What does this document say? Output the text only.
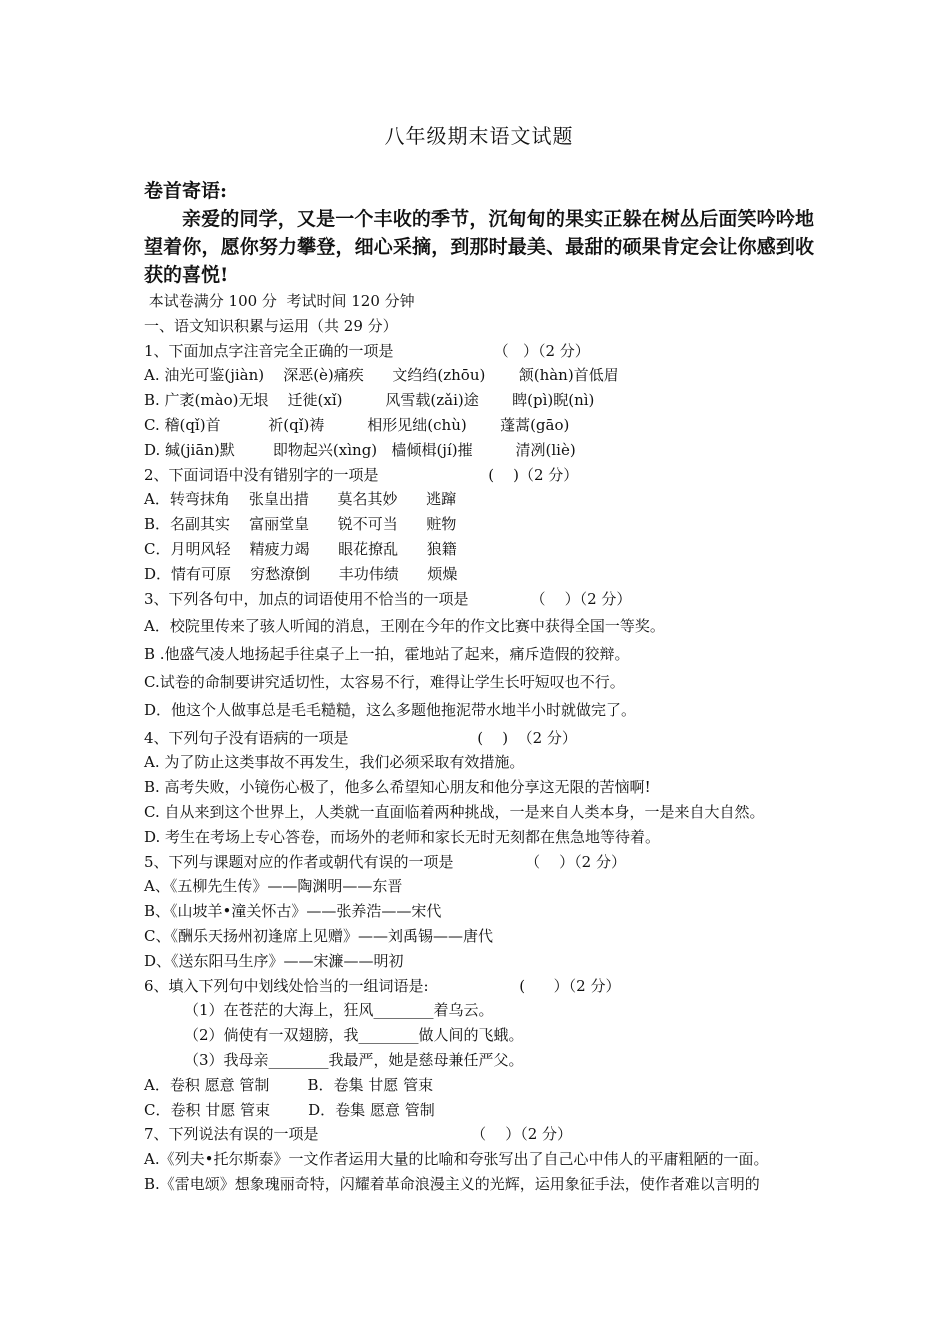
八年级期末语文试题
卷首寄语:
亲爱的同学，又是一个丰收的季节，沉甸甸的果实正躲在树丛后面笑吟吟地望着你，愿你努力攀登，细心采摘，到那时最美、最甜的硕果肯定会让你感到收获的喜悦!
本试卷满分 100 分  考试时间 120 分钟
一、语文知识积累与运用（共 29 分）
1、下面加点字注音完全正确的一项是                     （   ）（2 分）
A. 油光可鉴(jiàn)    深恶(è)痛疾      文绉绉(zhōu)       颔(hàn)首低眉
B. 广袤(mào)无垠    迁徙(xǐ)         风雪载(zǎi)途       睥(pì)睨(nì)
C. 稽(qǐ)首          祈(qǐ)祷         相形见绌(chù)       蓬蒿(gāo)
D. 缄(jiān)默        即物起兴(xìng)   樯倾楫(jí)摧         清冽(liè)
2、下面词语中没有错别字的一项是                       (    )（2 分）
A．转弯抹角    张皇出措      莫名其妙      逃蹿
B．名副其实    富丽堂皇      锐不可当      赃物
C．月明风轻    精疲力竭      眼花撩乱      狼籍
D．情有可原    穷愁潦倒      丰功伟绩      烦燥
3、下列各句中，加点的词语使用不恰当的一项是             （    ）（2 分）
A．校院里传来了骇人听闻的消息，王刚在今年的作文比赛中获得全国一等奖。
B .他盛气凌人地扬起手往桌子上一拍，霍地站了起来，痛斥造假的狡辩。
C.试卷的命制要讲究适切性，太容易不行，难得让学生长吁短叹也不行。
D．他这个人做事总是毛毛糙糙，这么多题他拖泥带水地半小时就做完了。
4、下列句子没有语病的一项是                           (    )  （2 分）
A. 为了防止这类事故不再发生，我们必须采取有效措施。
B. 高考失败，小镜伤心极了，他多么希望知心朋友和他分享这无限的苦恼啊!
C. 自从来到这个世界上，人类就一直面临着两种挑战，一是来自人类本身，一是来自大自然。
D. 考生在考场上专心答卷，而场外的老师和家长无时无刻都在焦急地等待着。
5、下列与课题对应的作者或朝代有误的一项是               （    ）（2 分）
A、《五柳先生传》——陶渊明——东晋
B、《山坡羊•潼关怀古》——张养浩——宋代
C、《酬乐天扬州初逢席上见赠》——刘禹锡——唐代
D、《送东阳马生序》——宋濂——明初
6、填入下列句中划线处恰当的一组词语是:                   (      ）（2 分）
（1）在苍茫的大海上，狂风________着乌云。
（2）倘使有一双翅膀，我________做人间的飞蛾。
（3）我母亲________我最严，她是慈母兼任严父。
A．卷积 愿意 管制        B．卷集 甘愿 管束
C．卷积 甘愿 管束        D．卷集 愿意 管制
7、下列说法有误的一项是                                （    ）（2 分）
A.《列夫•托尔斯泰》一文作者运用大量的比喻和夸张写出了自己心中伟人的平庸粗陋的一面。
B.《雷电颂》想象瑰丽奇特，闪耀着革命浪漫主义的光辉，运用象征手法，使作者难以言明的
